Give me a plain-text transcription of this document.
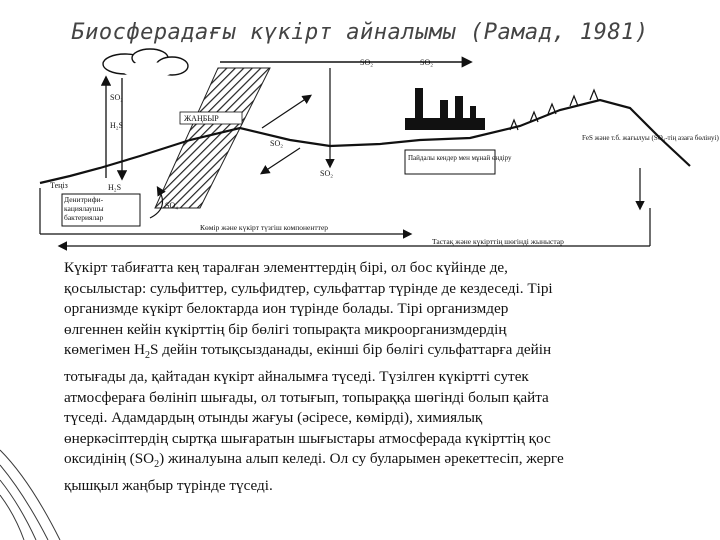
Биосферадағы күкірт айналымы (Рамад, 1981)
SO₂	SO₂
ЖАҢБЫР
SO₂
H₂S
SO₂
SO₂
Пайдалы кендер мен мұнай өндіру
FeS және т.б. жағылуы (SO₄-тің азаға бөлінуі)
Теңіз	H₂S
Денитрифи-кациялаушы бактериялар
SO₄
Көмір және күкірт түзгіш компоненттер
Тастақ және күкірттің шөгінді жыныстар

Күкірт табиғатта кең таралған элементтердің бірі, ол бос күйінде де,

қосылыстар: сульфиттер, сульфидтер, сульфаттар түрінде де кездеседі. Тірі

организмде күкірт белоктарда ион түрінде болады. Тірі организмдер

өлгеннен кейін күкірттің бір бөлігі топырақта микроорганизмдердің

көмегімен $H_2S$ дейін тотықсызданады, екінші бір бөлігі сульфаттарға дейін

тотығады да, қайтадан күкірт айналымға түседі. Түзілген күкірттi сутек

атмосфераға бөлініп шығады, ол тотығып, топыраққа шөгінді болып қайта

түседі. Адамдардың отынды жағуы (әсіресе, көмірді), химиялық

өнеркәсіптердің сыртқа шығаратын шығыстары атмосферада күкірттің қос

оксидінің $(SO_2)$ жиналуына алып келеді. Ол су буларымен әрекеттесіп, жерге

қышқыл жаңбыр түрінде түседі.
